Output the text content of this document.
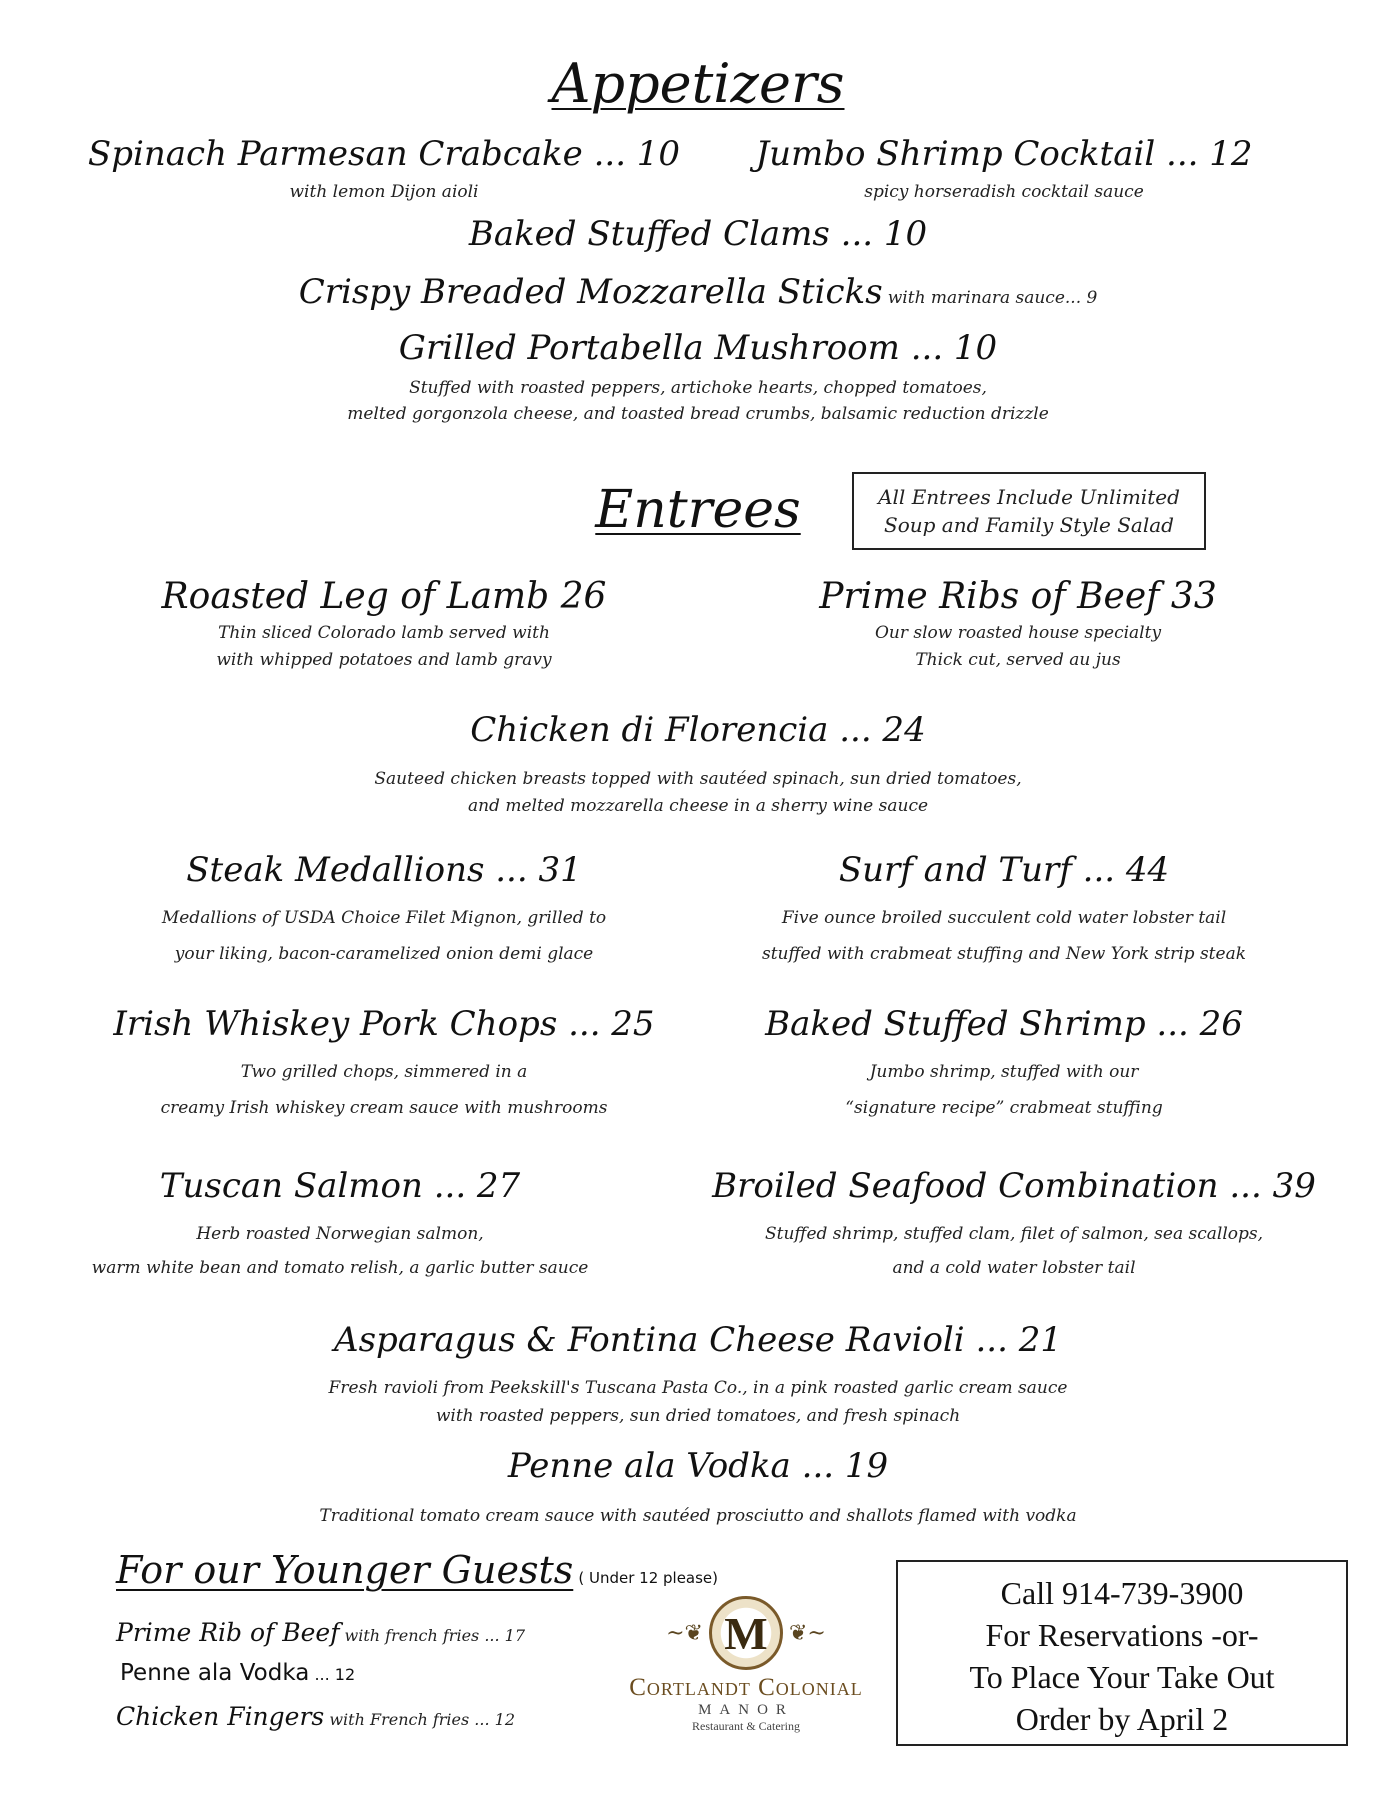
Appetizers
Spinach Parmesan Crabcake ... 10
with lemon Dijon aioli
Jumbo Shrimp Cocktail ... 12
spicy horseradish cocktail sauce
Baked Stuffed Clams ... 10
Crispy Breaded Mozzarella Sticks with marinara sauce... 9
Grilled Portabella Mushroom ... 10
Stuffed with roasted peppers, artichoke hearts, chopped tomatoes,
melted gorgonzola cheese, and toasted bread crumbs, balsamic reduction drizzle
Entrees	All Entrees Include Unlimited
Soup and Family Style Salad
Roasted Leg of Lamb 26
Thin sliced Colorado lamb served with
with whipped potatoes and lamb gravy
Prime Ribs of Beef 33
Our slow roasted house specialty
Thick cut, served au jus
Chicken di Florencia ... 24
Sauteed chicken breasts topped with sautéed spinach, sun dried tomatoes,
and melted mozzarella cheese in a sherry wine sauce
Steak Medallions ... 31
Medallions of USDA Choice Filet Mignon, grilled to
your liking, bacon-caramelized onion demi glace
Surf and Turf ... 44
Five ounce broiled succulent cold water lobster tail
stuffed with crabmeat stuffing and New York strip steak
Irish Whiskey Pork Chops ... 25
Two grilled chops, simmered in a
creamy Irish whiskey cream sauce with mushrooms
Baked Stuffed Shrimp ... 26
Jumbo shrimp, stuffed with our
“signature recipe” crabmeat stuffing
Tuscan Salmon ... 27
Herb roasted Norwegian salmon,
warm white bean and tomato relish, a garlic butter sauce
Broiled Seafood Combination ... 39
Stuffed shrimp, stuffed clam, filet of salmon, sea scallops,
and a cold water lobster tail
Asparagus & Fontina Cheese Ravioli ... 21
Fresh ravioli from Peekskill's Tuscana Pasta Co., in a pink roasted garlic cream sauce
with roasted peppers, sun dried tomatoes, and fresh spinach
Penne ala Vodka ... 19
Traditional tomato cream sauce with sautéed prosciutto and shallots flamed with vodka
For our Younger Guests ( Under 12 please)
Prime Rib of Beef with french fries ... 17
Penne ala Vodka ... 12
Chicken Fingers with French fries ... 12
~❦ M ❦~
Cortlandt Colonial
MANOR
Restaurant & Catering
Call 914-739-3900
For Reservations -or-
To Place Your Take Out
Order by April 2
